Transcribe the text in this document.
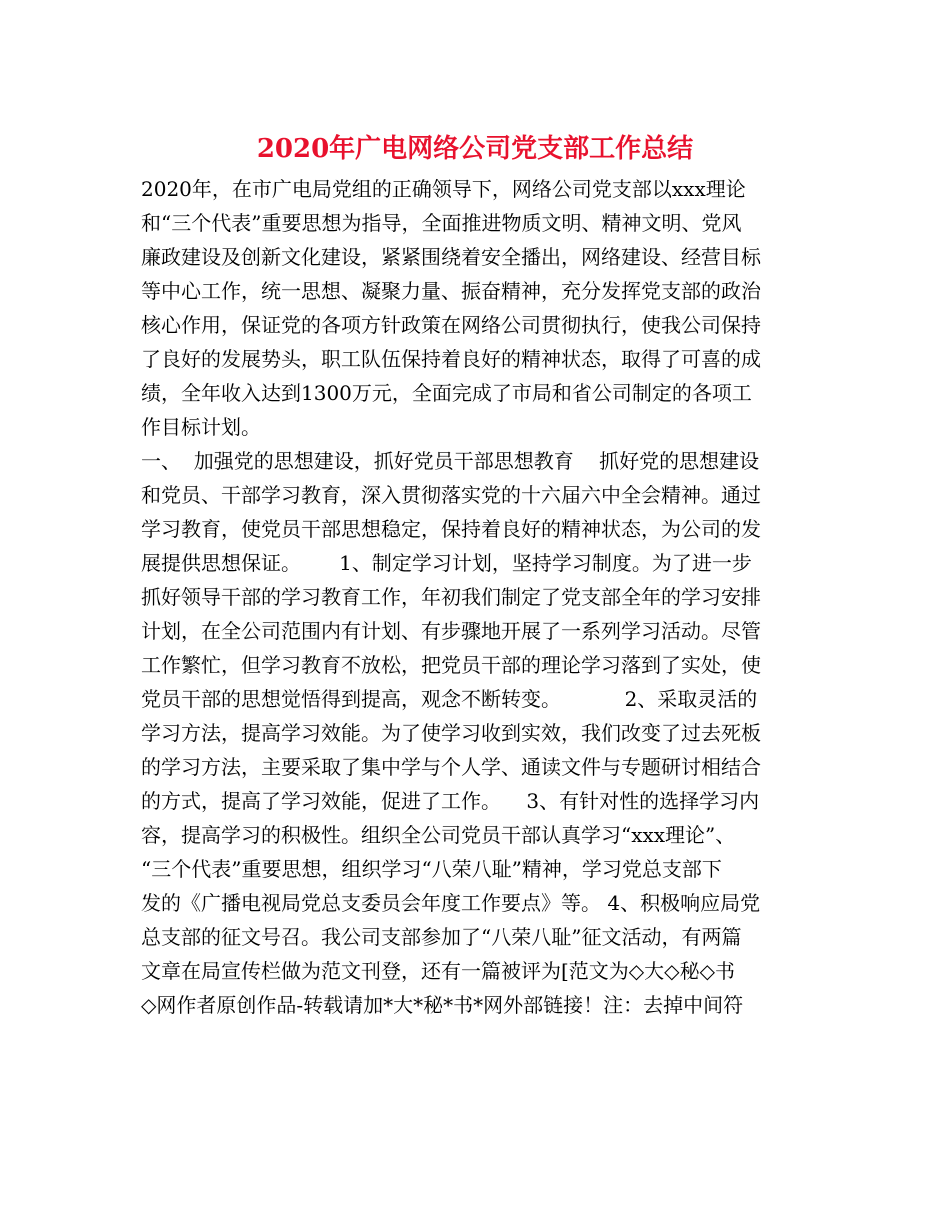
2020年广电网络公司党支部工作总结
2020年，在市广电局党组的正确领导下，网络公司党支部以xxx理论
和“三个代表”重要思想为指导，全面推进物质文明、精神文明、党风
廉政建设及创新文化建设，紧紧围绕着安全播出，网络建设、经营目标
等中心工作，统一思想、凝聚力量、振奋精神，充分发挥党支部的政治
核心作用，保证党的各项方针政策在网络公司贯彻执行，使我公司保持
了良好的发展势头，职工队伍保持着良好的精神状态，取得了可喜的成
绩，全年收入达到1300万元，全面完成了市局和省公司制定的各项工
作目标计划。
一、  加强党的思想建设，抓好党员干部思想教育    抓好党的思想建设
和党员、干部学习教育，深入贯彻落实党的十六届六中全会精神。通过
学习教育，使党员干部思想稳定，保持着良好的精神状态，为公司的发
展提供思想保证。      1、制定学习计划，坚持学习制度。为了进一步
抓好领导干部的学习教育工作，年初我们制定了党支部全年的学习安排
计划，在全公司范围内有计划、有步骤地开展了一系列学习活动。尽管
工作繁忙，但学习教育不放松，把党员干部的理论学习落到了实处，使
党员干部的思想觉悟得到提高，观念不断转变。          2、采取灵活的
学习方法，提高学习效能。为了使学习收到实效，我们改变了过去死板
的学习方法，主要采取了集中学与个人学、通读文件与专题研讨相结合
的方式，提高了学习效能，促进了工作。    3、有针对性的选择学习内
容，提高学习的积极性。组织全公司党员干部认真学习“xxx理论”、
“三个代表”重要思想，组织学习“八荣八耻”精神，学习党总支部下
发的《广播电视局党总支委员会年度工作要点》等。 4、积极响应局党
总支部的征文号召。我公司支部参加了“八荣八耻”征文活动，有两篇
文章在局宣传栏做为范文刊登，还有一篇被评为[范文为◇大◇秘◇书
◇网作者原创作品-转载请加*大*秘*书*网外部链接！注：去掉中间符
